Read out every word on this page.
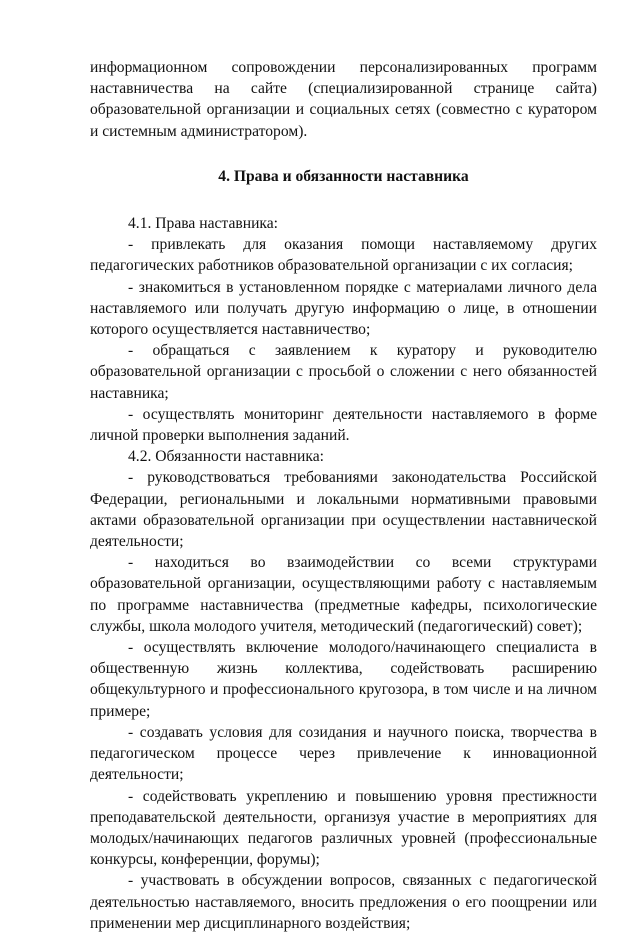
информационном сопровождении персонализированных программ наставничества на сайте (специализированной странице сайта) образовательной организации и социальных сетях (совместно с куратором и системным администратором).

4. Права и обязанности наставника

4.1. Права наставника:

- привлекать для оказания помощи наставляемому других педагогических работников образовательной организации с их согласия;

- знакомиться в установленном порядке с материалами личного дела наставляемого или получать другую информацию о лице, в отношении которого осуществляется наставничество;

- обращаться с заявлением к куратору и руководителю образовательной организации с просьбой о сложении с него обязанностей наставника;

- осуществлять мониторинг деятельности наставляемого в форме личной проверки выполнения заданий.

4.2. Обязанности наставника:

- руководствоваться требованиями законодательства Российской Федерации, региональными и локальными нормативными правовыми актами образовательной организации при осуществлении наставнической деятельности;

- находиться во взаимодействии со всеми структурами образовательной организации, осуществляющими работу с наставляемым по программе наставничества (предметные кафедры, психологические службы, школа молодого учителя, методический (педагогический) совет);

- осуществлять включение молодого/начинающего специалиста в общественную жизнь коллектива, содействовать расширению общекультурного и профессионального кругозора, в том числе и на личном примере;

- создавать условия для созидания и научного поиска, творчества в педагогическом процессе через привлечение к инновационной деятельности;

- содействовать укреплению и повышению уровня престижности преподавательской деятельности, организуя участие в мероприятиях для молодых/начинающих педагогов различных уровней (профессиональные конкурсы, конференции, форумы);

- участвовать в обсуждении вопросов, связанных с педагогической деятельностью наставляемого, вносить предложения о его поощрении или применении мер дисциплинарного воздействия;
